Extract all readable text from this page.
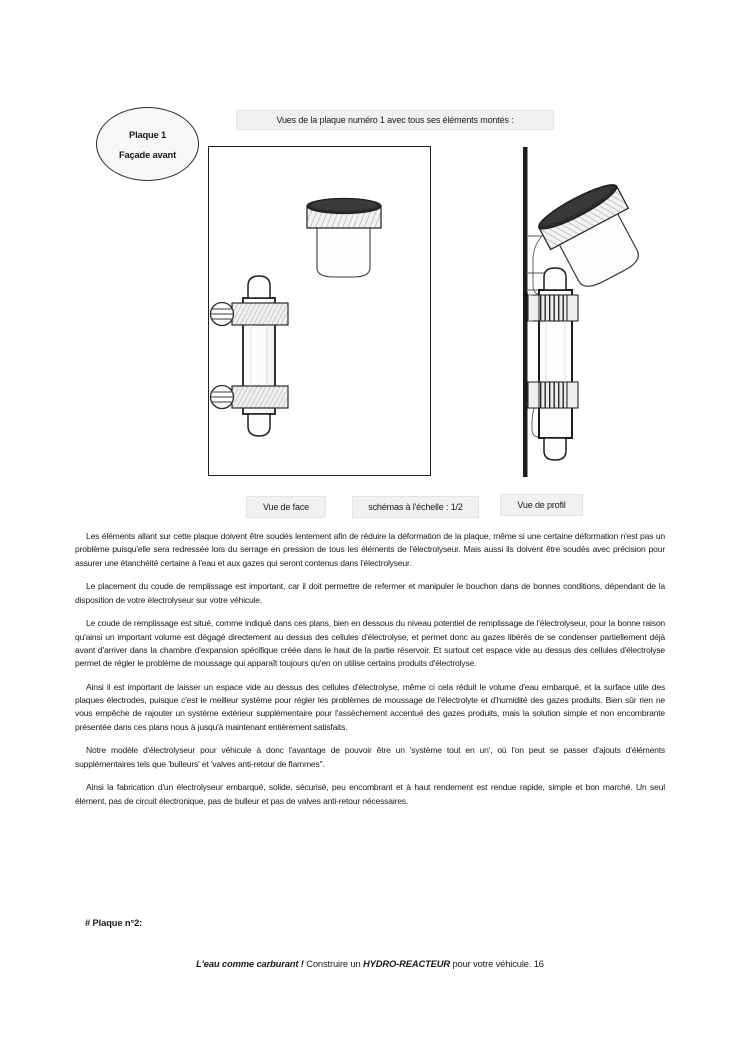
Plaque 1
Façade avant
Vues de la plaque numéro 1 avec tous ses éléments montés :
Vue de face	schémas à l'échelle : 1/2	Vue de profil

Les éléments allant sur cette plaque doivent être soudés lentement afin de réduire la déformation de la plaque, même si une certaine déformation n'est pas un problème puisqu'elle sera redressée lors du serrage en pression de tous les éléments de l'électrolyseur. Mais aussi ils doivent être soudés avec précision pour assurer une étanchéité certaine à l'eau et aux gazes qui seront contenus dans l'électrolyseur.

Le placement du coude de remplissage est important, car il doit permettre de refermer et manipuler le bouchon dans de bonnes conditions, dépendant de la disposition de votre électrolyseur sur votre véhicule.

Le coude de remplissage est situé, comme indiqué dans ces plans, bien en dessous du niveau potentiel de remplissage de l'électrolyseur, pour la bonne raison qu'ainsi un important volume est dégagé directement au dessus des cellules d'électrolyse, et permet donc au gazes libérés de se condenser partiellement déjà avant d'arriver dans la chambre d'expansion spécifique créée dans le haut de la partie réservoir. Et surtout cet espace vide au dessus des cellules d'électrolyse permet de régler le problème de moussage qui apparaît toujours qu'en on utilise certains produits d'électrolyse.

Ainsi il est important de laisser un espace vide au dessus des cellules d'électrolyse, même ci cela réduit le volume d'eau embarqué, et la surface utile des plaques électrodes, puisque c'est le meilleur système pour régler les problèmes de moussage de l'électrolyte et d'humidité des gazes produits. Bien sûr rien ne vous empêche de rajouter un système extérieur supplémentaire pour l'assèchement accentué des gazes produits, mais la solution simple et non encombrante présentée dans ces plans nous à jusqu'à maintenant entièrement satisfaits.

Notre modèle d'électrolyseur pour véhicule à donc l'avantage de pouvoir être un 'système tout en un', où l'on peut se passer d'ajouts d'éléments supplémentaires tels que 'bulleurs' et 'valves anti-retour de flammes''.

Ainsi la fabrication d'un électrolyseur embarqué, solide, sécurisé, peu encombrant et à haut rendement est rendue rapide, simple et bon marché. Un seul élément, pas de circuit électronique, pas de bulleur et pas de valves anti-retour nécessaires.

# Plaque n°2:
L'eau comme carburant ! Construire un HYDRO-REACTEUR pour votre véhicule. 16
